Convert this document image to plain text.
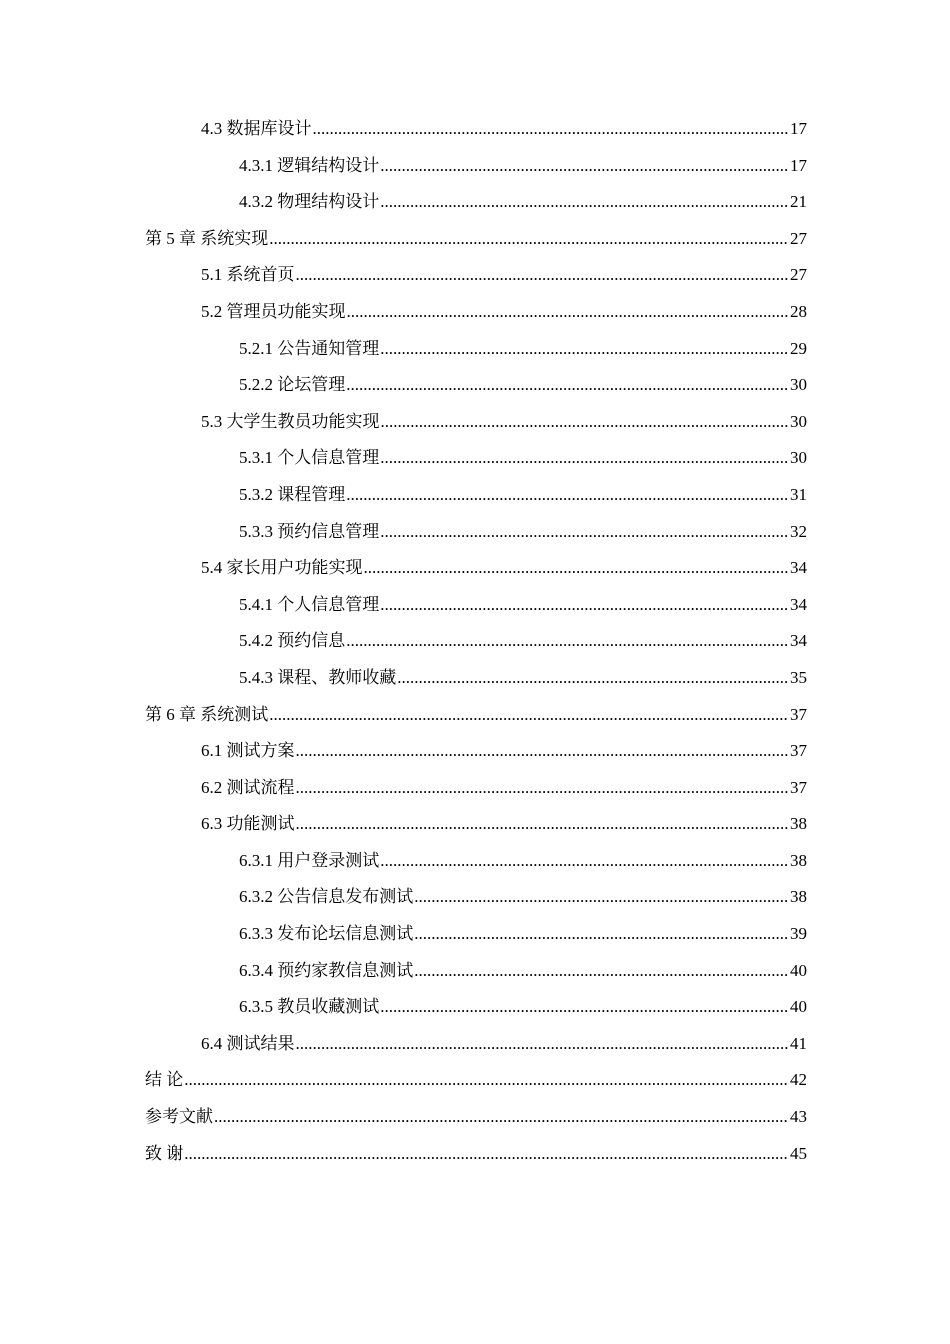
4.3 数据库设计 .....	17
4.3.1 逻辑结构设计 .....	17
4.3.2 物理结构设计 .....	21
第 5 章 系统实现 .....	27
5.1 系统首页 .....	27
5.2 管理员功能实现 .....	28
5.2.1 公告通知管理 .....	29
5.2.2 论坛管理 .....	30
5.3 大学生教员功能实现 .....	30
5.3.1 个人信息管理 .....	30
5.3.2 课程管理 .....	31
5.3.3 预约信息管理 .....	32
5.4 家长用户功能实现 .....	34
5.4.1 个人信息管理 .....	34
5.4.2 预约信息 .....	34
5.4.3 课程、教师收藏 .....	35
第 6 章 系统测试 .....	37
6.1 测试方案 .....	37
6.2 测试流程 .....	37
6.3 功能测试 .....	38
6.3.1 用户登录测试 .....	38
6.3.2 公告信息发布测试 .....	38
6.3.3 发布论坛信息测试 .....	39
6.3.4 预约家教信息测试 .....	40
6.3.5 教员收藏测试 .....	40
6.4 测试结果 .....	41
结 论 .....	42
参考文献 .....	43
致 谢 .....	45
